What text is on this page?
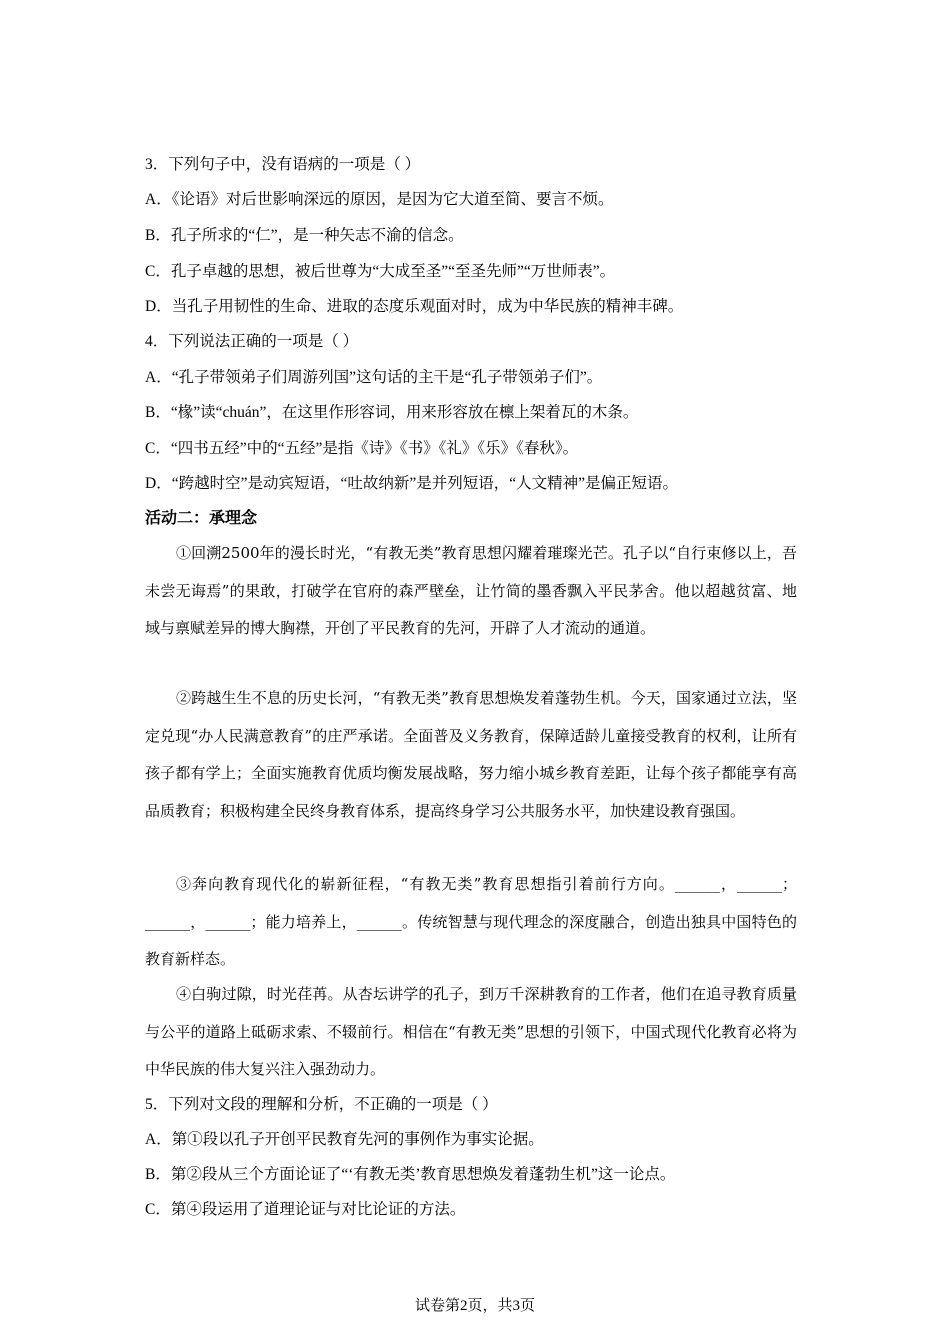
3．下列句子中，没有语病的一项是（ ）
A．《论语》对后世影响深远的原因，是因为它大道至简、要言不烦。
B．孔子所求的“仁”，是一种矢志不渝的信念。
C．孔子卓越的思想，被后世尊为“大成至圣”“至圣先师”“万世师表”。
D．当孔子用韧性的生命、进取的态度乐观面对时，成为中华民族的精神丰碑。
4．下列说法正确的一项是（ ）
A．“孔子带领弟子们周游列国”这句话的主干是“孔子带领弟子们”。
B．“椽”读“chuán”，在这里作形容词，用来形容放在檩上架着瓦的木条。
C．“四书五经”中的“五经”是指《诗》《书》《礼》《乐》《春秋》。
D．“跨越时空”是动宾短语，“吐故纳新”是并列短语，“人文精神”是偏正短语。
活动二：承理念
①回溯2500年的漫长时光，“有教无类”教育思想闪耀着璀璨光芒。孔子以“自行束修以上，吾未尝无诲焉”的果敢，打破学在官府的森严壁垒，让竹简的墨香飘入平民茅舍。他以超越贫富、地域与禀赋差异的博大胸襟，开创了平民教育的先河，开辟了人才流动的通道。
②跨越生生不息的历史长河，“有教无类”教育思想焕发着蓬勃生机。今天，国家通过立法，坚定兑现“办人民满意教育”的庄严承诺。全面普及义务教育，保障适龄儿童接受教育的权利，让所有孩子都有学上；全面实施教育优质均衡发展战略，努力缩小城乡教育差距，让每个孩子都能享有高品质教育；积极构建全民终身教育体系，提高终身学习公共服务水平，加快建设教育强国。
③奔向教育现代化的崭新征程，“有教无类”教育思想指引着前行方向。______，______；______，______；能力培养上，______。传统智慧与现代理念的深度融合，创造出独具中国特色的教育新样态。
④白驹过隙，时光荏苒。从杏坛讲学的孔子，到万千深耕教育的工作者，他们在追寻教育质量与公平的道路上砥砺求索、不辍前行。相信在“有教无类”思想的引领下，中国式现代化教育必将为中华民族的伟大复兴注入强劲动力。
5．下列对文段的理解和分析，不正确的一项是（ ）
A．第①段以孔子开创平民教育先河的事例作为事实论据。
B．第②段从三个方面论证了“‘有教无类’教育思想焕发着蓬勃生机”这一论点。
C．第④段运用了道理论证与对比论证的方法。
试卷第2页，共3页
